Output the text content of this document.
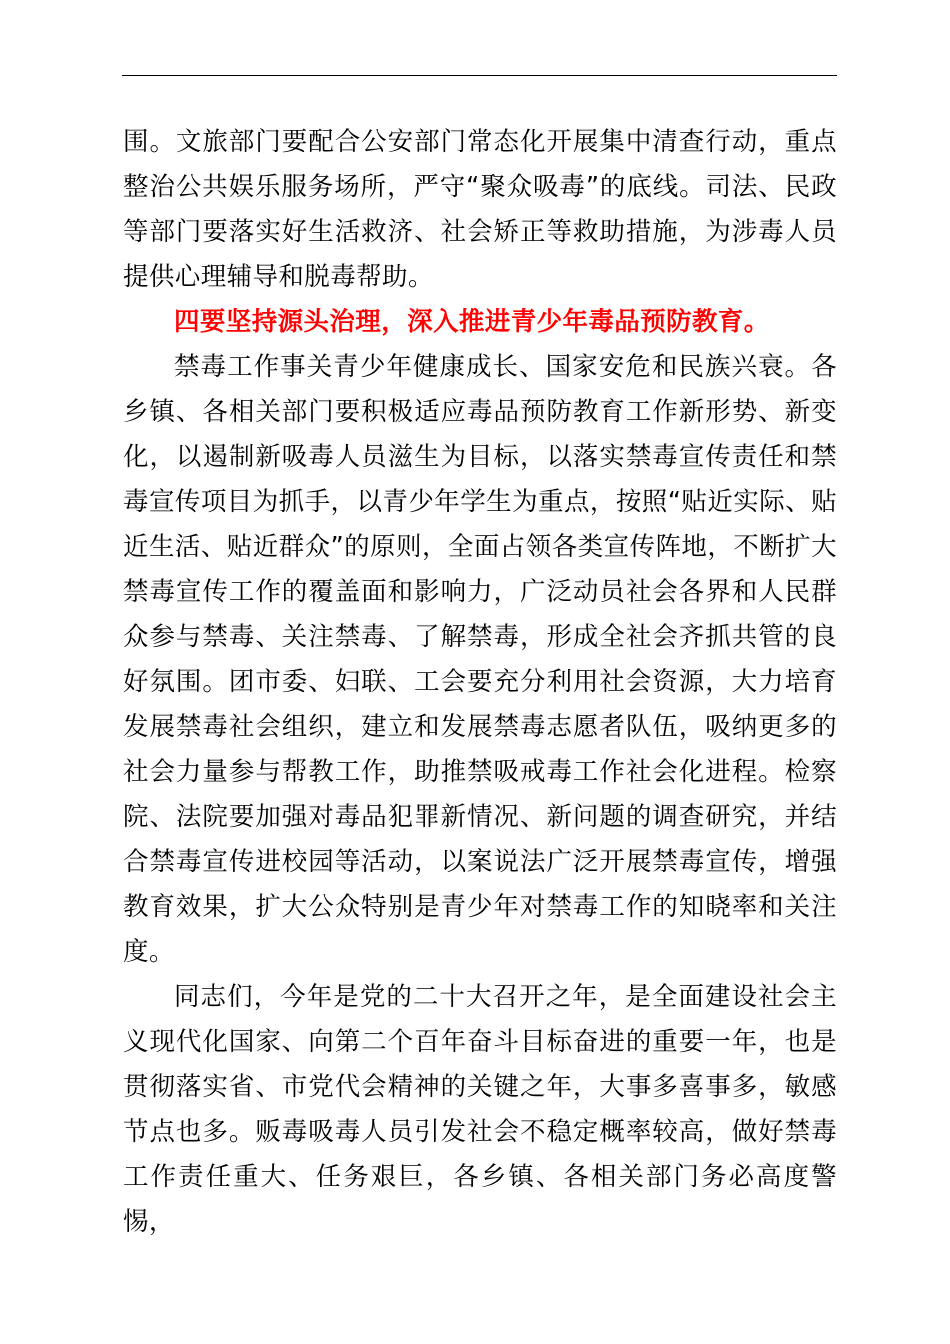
围。文旅部门要配合公安部门常态化开展集中清查行动，重点整治公共娱乐服务场所，严守“聚众吸毒”的底线。司法、民政等部门要落实好生活救济、社会矫正等救助措施，为涉毒人员提供心理辅导和脱毒帮助。

四要坚持源头治理，深入推进青少年毒品预防教育。

禁毒工作事关青少年健康成长、国家安危和民族兴衰。各乡镇、各相关部门要积极适应毒品预防教育工作新形势、新变化，以遏制新吸毒人员滋生为目标，以落实禁毒宣传责任和禁毒宣传项目为抓手，以青少年学生为重点，按照“贴近实际、贴近生活、贴近群众”的原则，全面占领各类宣传阵地，不断扩大禁毒宣传工作的覆盖面和影响力，广泛动员社会各界和人民群众参与禁毒、关注禁毒、了解禁毒，形成全社会齐抓共管的良好氛围。团市委、妇联、工会要充分利用社会资源，大力培育发展禁毒社会组织，建立和发展禁毒志愿者队伍，吸纳更多的社会力量参与帮教工作，助推禁吸戒毒工作社会化进程。检察院、法院要加强对毒品犯罪新情况、新问题的调查研究，并结合禁毒宣传进校园等活动，以案说法广泛开展禁毒宣传，增强教育效果，扩大公众特别是青少年对禁毒工作的知晓率和关注度。

同志们，今年是党的二十大召开之年，是全面建设社会主义现代化国家、向第二个百年奋斗目标奋进的重要一年，也是贯彻落实省、市党代会精神的关键之年，大事多喜事多，敏感节点也多。贩毒吸毒人员引发社会不稳定概率较高，做好禁毒工作责任重大、任务艰巨，各乡镇、各相关部门务必高度警惕，
